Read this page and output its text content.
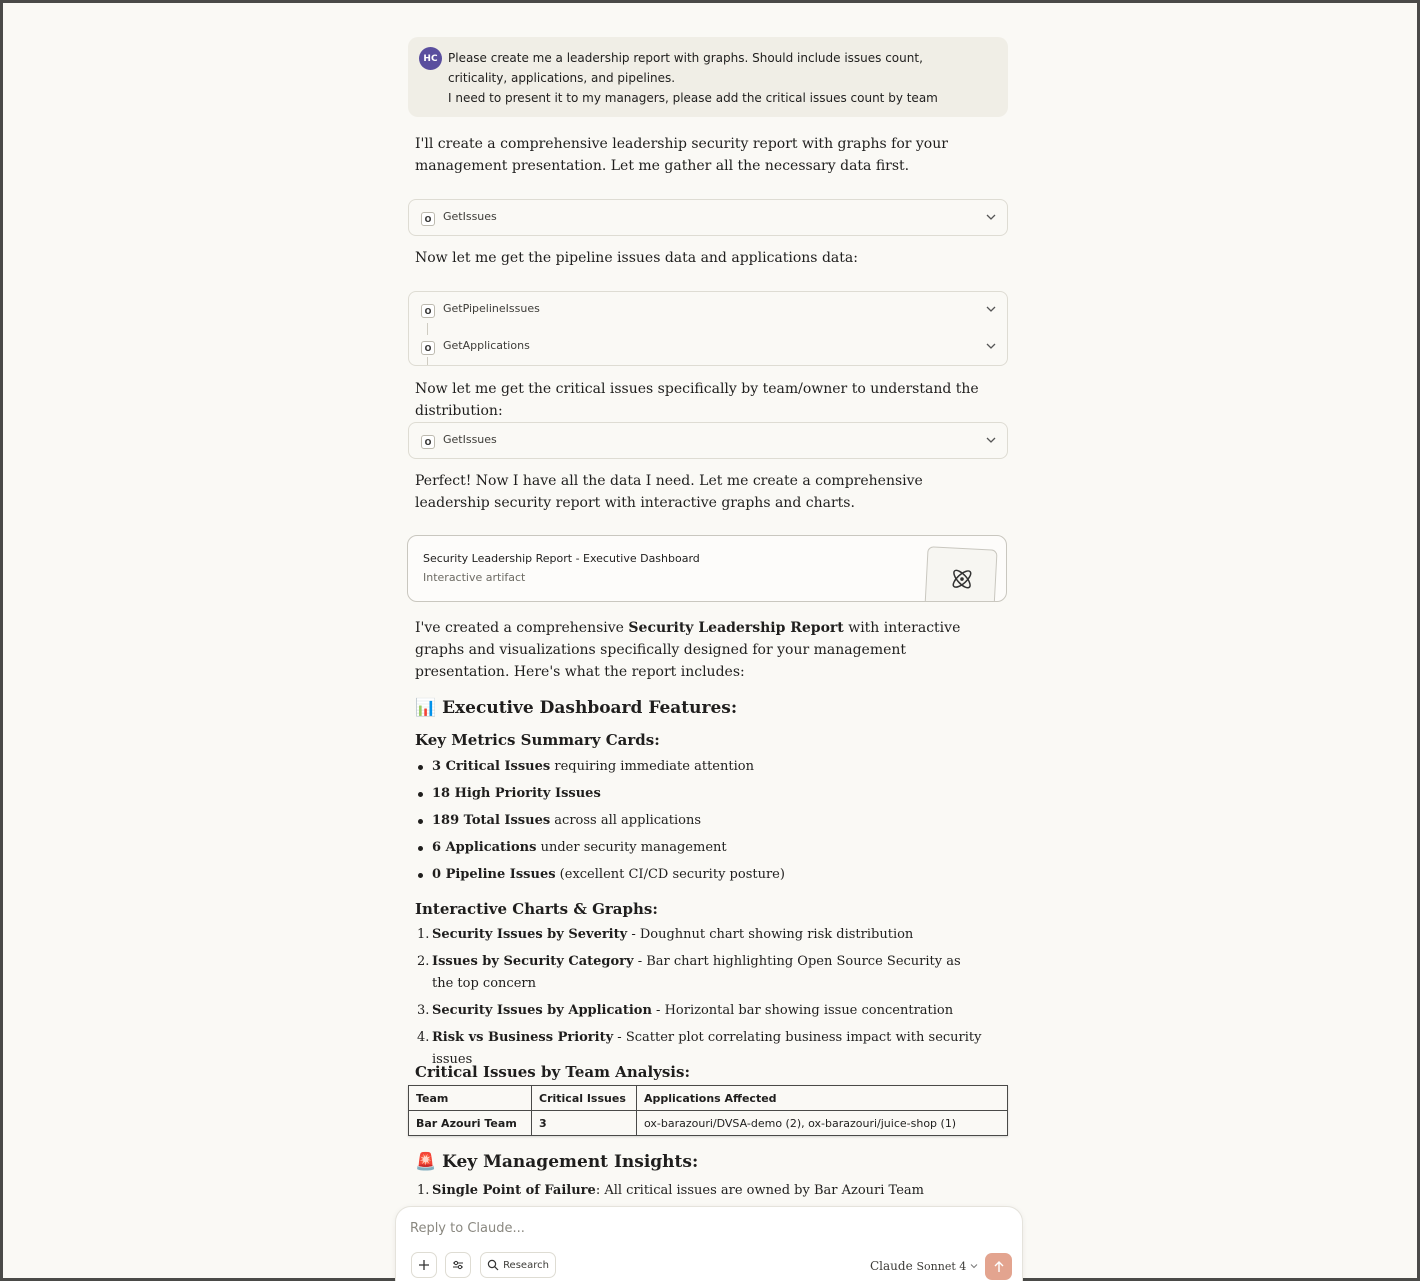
HC Please create me a leadership report with graphs. Should include issues count,
criticality, applications, and pipelines.
I need to present it to my managers, please add the critical issues count by team
I'll create a comprehensive leadership security report with graphs for your management presentation. Let me gather all the necessary data first.
O	GetIssues
Now let me get the pipeline issues data and applications data:
O	GetPipelineIssues
O	GetApplications
Now let me get the critical issues specifically by team/owner to understand the distribution:
O	GetIssues
Perfect! Now I have all the data I need. Let me create a comprehensive leadership security report with interactive graphs and charts.
Security Leadership Report - Executive Dashboard
Interactive artifact
I've created a comprehensive Security Leadership Report with interactive graphs and visualizations specifically designed for your management presentation. Here's what the report includes:
📊 Executive Dashboard Features:
Key Metrics Summary Cards:
3 Critical Issues requiring immediate attention
18 High Priority Issues
189 Total Issues across all applications
6 Applications under security management
0 Pipeline Issues (excellent CI/CD security posture)
Interactive Charts & Graphs:
1. Security Issues by Severity - Doughnut chart showing risk distribution
2. Issues by Security Category - Bar chart highlighting Open Source Security as the top concern
3. Security Issues by Application - Horizontal bar showing issue concentration
4. Risk vs Business Priority - Scatter plot correlating business impact with security issues
Critical Issues by Team Analysis:
Team	Critical Issues	Applications Affected
Bar Azouri Team	3	ox-barazouri/DVSA-demo (2), ox-barazouri/juice-shop (1)
🚨 Key Management Insights:
1. Single Point of Failure: All critical issues are owned by Bar Azouri Team
Reply to Claude...
Research	Claude Sonnet 4
